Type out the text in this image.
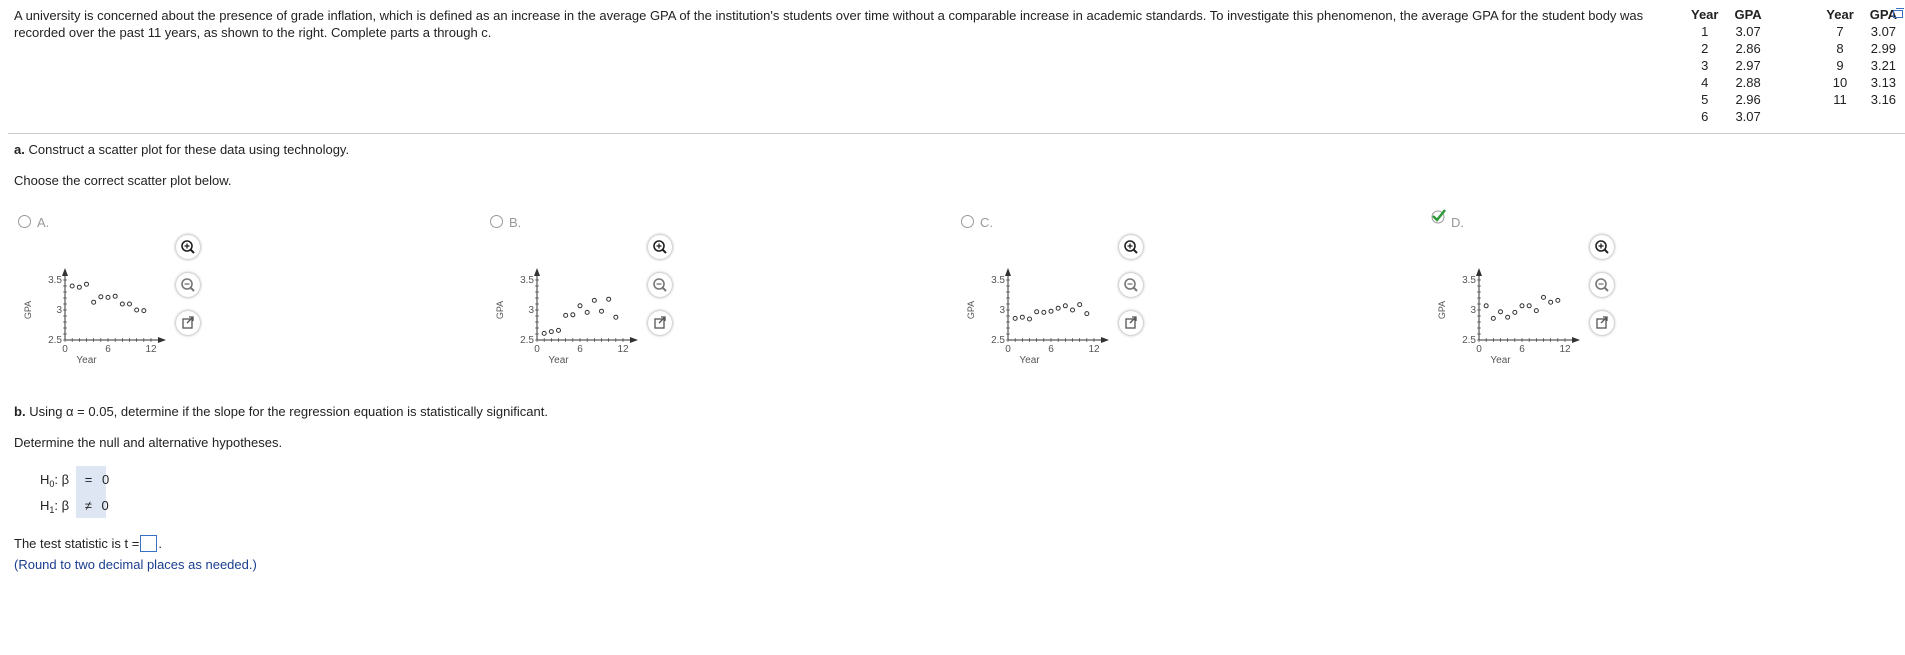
A university is concerned about the presence of grade inflation, which is defined as an increase in the average GPA of the institution's students over time without a comparable increase in academic standards. To investigate this phenomenon, the average GPA for the student body was recorded over the past 11 years, as shown to the right. Complete parts a through c.
Year	GPA		Year	GPA
1	3.07		7	3.07
2	2.86		8	2.99
3	2.97		9	3.21
4	2.88		10	3.13
5	2.96		11	3.16
6	3.07			
a. Construct a scatter plot for these data using technology.
Choose the correct scatter plot below.
A.
3.5
3
2.5
0	6	12
GPA
Year
B.
3.5
3
2.5
0	6	12
GPA
Year
C.
3.5
3
2.5
0	6	12
GPA
Year
D.
3.5
3
2.5
0	6	12
GPA
Year
b. Using α = 0.05, determine if the slope for the regression equation is statistically significant.
Determine the null and alternative hypotheses.
$H_0$: β = 0
$H_1$: β ≠ 0
The test statistic is t = .
(Round to two decimal places as needed.)
